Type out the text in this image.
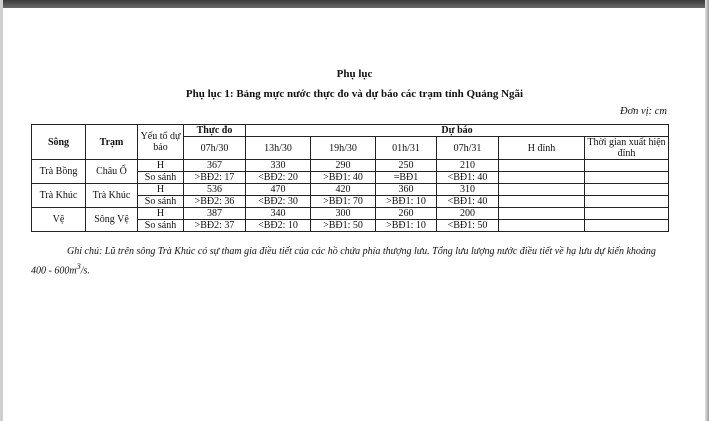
Phụ lục
Phụ lục 1: Bảng mực nước thực đo và dự báo các trạm tỉnh Quảng Ngãi
Đơn vị: cm
Sông	Trạm	Yếu tố dự báo	Thực đo	Dự báo					
			07h/30	13h/30	19h/30	01h/31	07h/31	H đỉnh	Thời gian xuất hiện đỉnh
Trà Bồng	Châu Ổ	H	367	330	290	250	210		
		So sánh	>BĐ2: 17	<BĐ2: 20	>BĐ1: 40	=BĐ1	<BĐ1: 40		
Trà Khúc	Trà Khúc	H	536	470	420	360	310		
		So sánh	>BĐ2: 36	<BĐ2: 30	>BĐ1: 70	>BĐ1: 10	<BĐ1: 40		
Vệ	Sông Vệ	H	387	340	300	260	200		
		So sánh	>BĐ2: 37	<BĐ2: 10	>BĐ1: 50	>BĐ1: 10	<BĐ1: 50		
Ghi chú: Lũ trên sông Trà Khúc có sự tham gia điều tiết của các hồ chứa phía thượng lưu. Tổng lưu lượng nước điều tiết về hạ lưu dự kiến khoảng $400 - 600m^3/s$.
